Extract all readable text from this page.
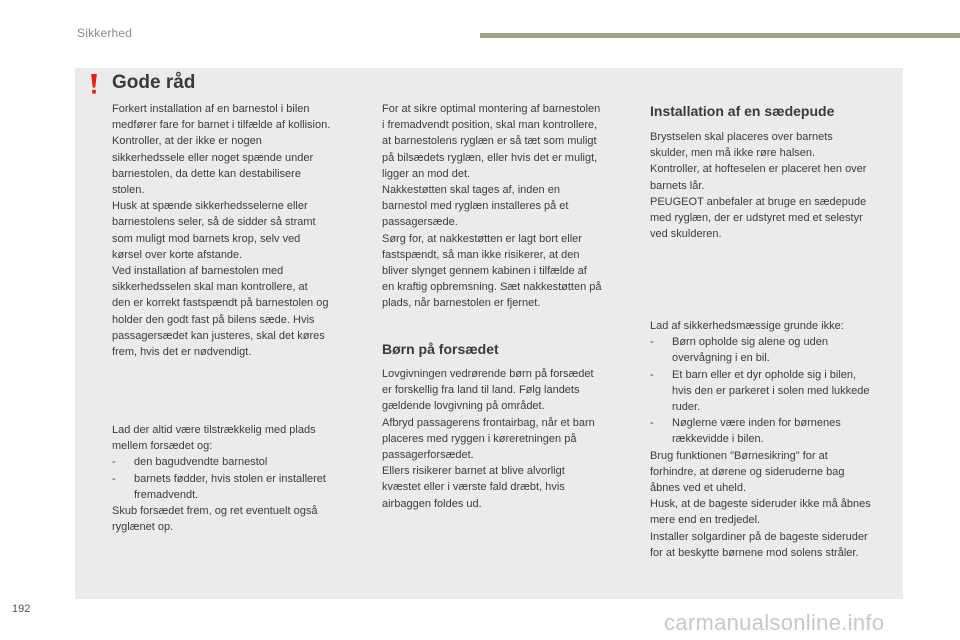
Sikkerhed
Gode råd
Forkert installation af en barnestol i bilen
medfører fare for barnet i tilfælde af kollision.
Kontroller, at der ikke er nogen
sikkerhedssele eller noget spænde under
barnestolen, da dette kan destabilisere
stolen.
Husk at spænde sikkerhedsselerne eller
barnestolens seler, så de sidder så stramt
som muligt mod barnets krop, selv ved
kørsel over korte afstande.
Ved installation af barnestolen med
sikkerhedsselen skal man kontrollere, at
den er korrekt fastspændt på barnestolen og
holder den godt fast på bilens sæde. Hvis
passagersædet kan justeres, skal det køres
frem, hvis det er nødvendigt.
Lad der altid være tilstrækkelig med plads
mellem forsædet og:
-	den bagudvendte barnestol
-	barnets fødder, hvis stolen er installeret
fremadvendt.
Skub forsædet frem, og ret eventuelt også
ryglænet op.
For at sikre optimal montering af barnestolen
i fremadvendt position, skal man kontrollere,
at barnestolens ryglæn er så tæt som muligt
på bilsædets ryglæn, eller hvis det er muligt,
ligger an mod det.
Nakkestøtten skal tages af, inden en
barnestol med ryglæn installeres på et
passagersæde.
Sørg for, at nakkestøtten er lagt bort eller
fastspændt, så man ikke risikerer, at den
bliver slynget gennem kabinen i tilfælde af
en kraftig opbremsning. Sæt nakkestøtten på
plads, når barnestolen er fjernet.
Børn på forsædet
Lovgivningen vedrørende børn på forsædet
er forskellig fra land til land. Følg landets
gældende lovgivning på området.
Afbryd passagerens frontairbag, når et barn
placeres med ryggen i køreretningen på
passagerforsædet.
Ellers risikerer barnet at blive alvorligt
kvæstet eller i værste fald dræbt, hvis
airbaggen foldes ud.
Installation af en sædepude
Brystselen skal placeres over barnets
skulder, men må ikke røre halsen.
Kontroller, at hofteselen er placeret hen over
barnets lår.
PEUGEOT anbefaler at bruge en sædepude
med ryglæn, der er udstyret med et selestyr
ved skulderen.
Lad af sikkerhedsmæssige grunde ikke:
-	Børn opholde sig alene og uden
overvågning i en bil.
-	Et barn eller et dyr opholde sig i bilen,
hvis den er parkeret i solen med lukkede
ruder.
-	Nøglerne være inden for børnenes
rækkevidde i bilen.
Brug funktionen "Børnesikring" for at
forhindre, at dørene og sideruderne bag
åbnes ved et uheld.
Husk, at de bageste sideruder ikke må åbnes
mere end en tredjedel.
Installer solgardiner på de bageste sideruder
for at beskytte børnene mod solens stråler.
192
carmanualsonline.info
